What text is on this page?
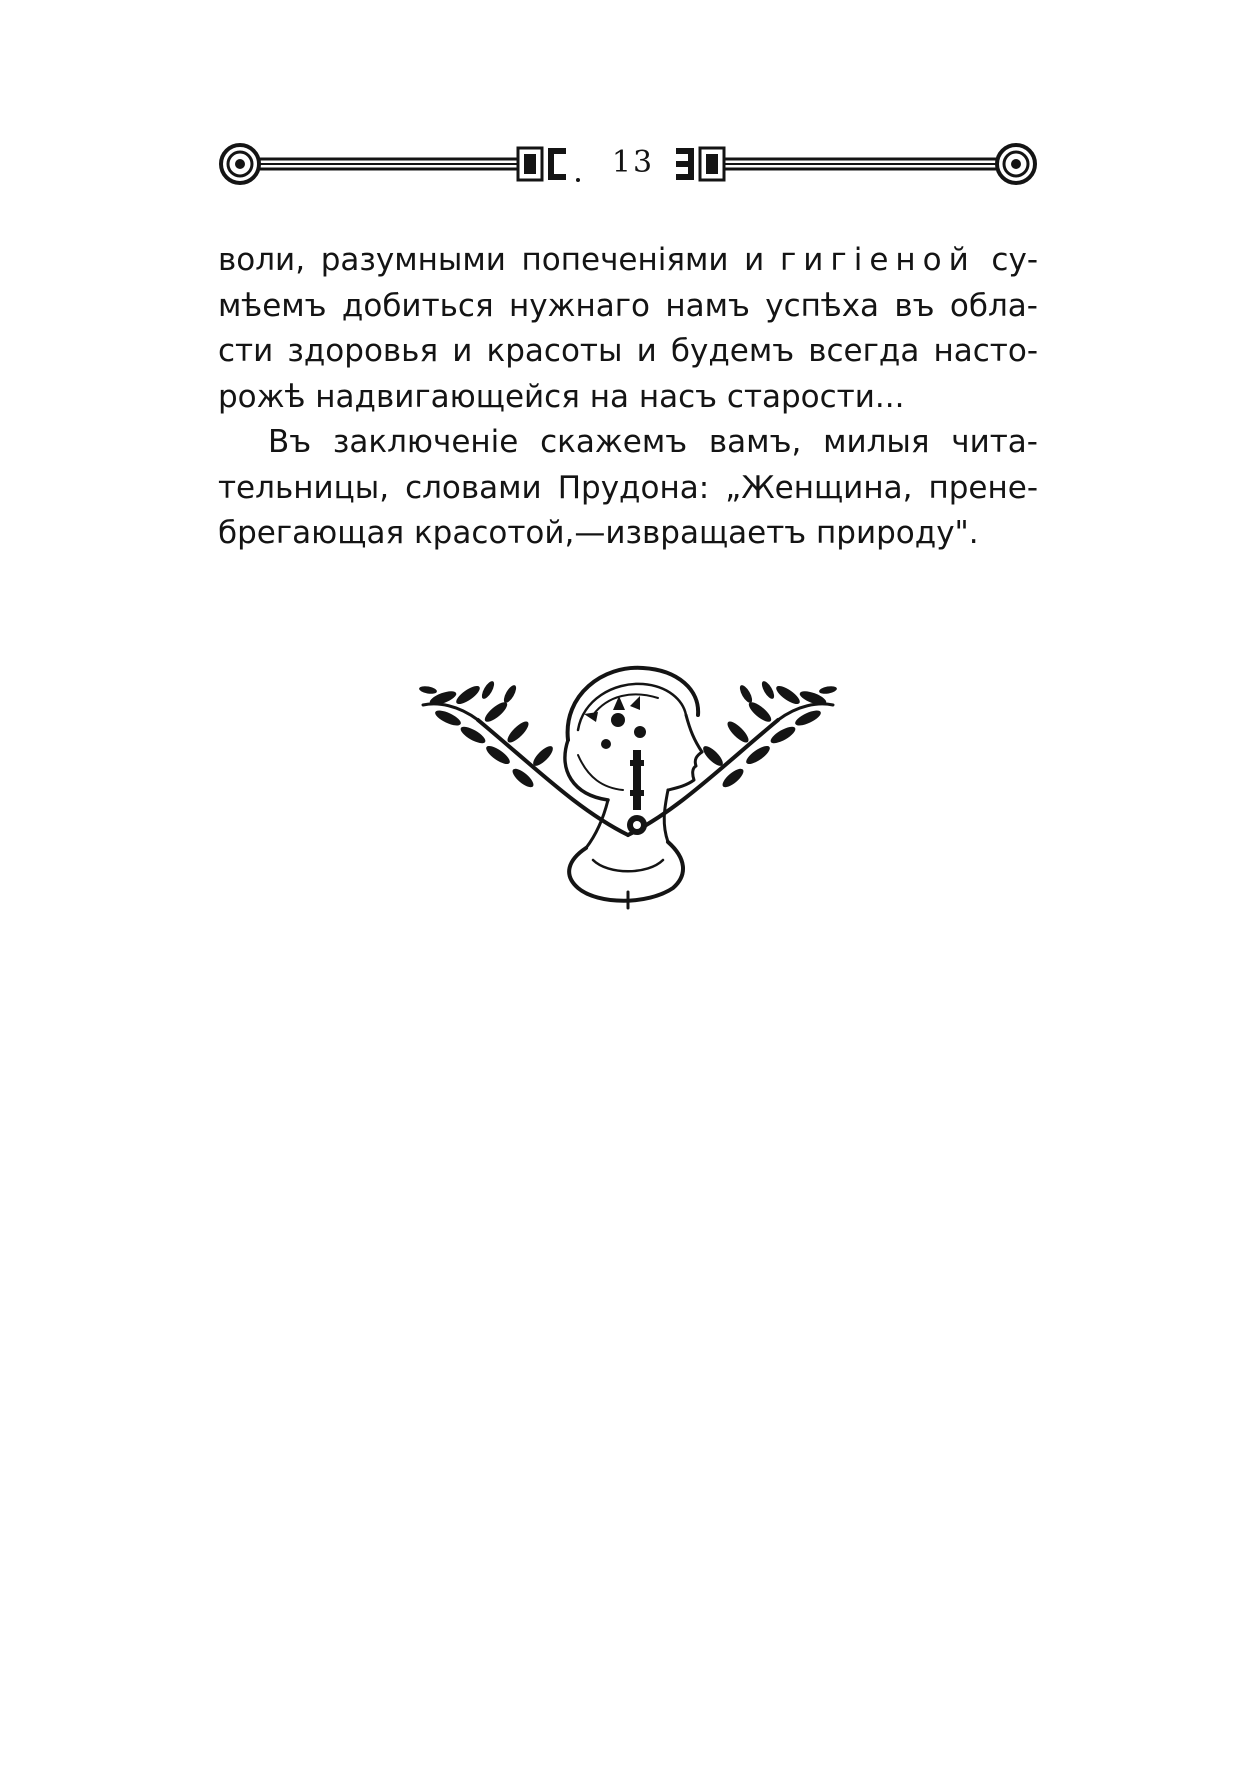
13
воли, разумными попеченіями и гигіеной су-
мѣемъ добиться нужнаго намъ успѣха въ обла-
сти здоровья и красоты и будемъ всегда насто-
рожѣ надвигающейся на насъ старости...
Въ заключеніе скажемъ вамъ, милыя чита-
тельницы, словами Прудона: „Женщина, прене-
брегающая красотой,—извращаетъ природу".
